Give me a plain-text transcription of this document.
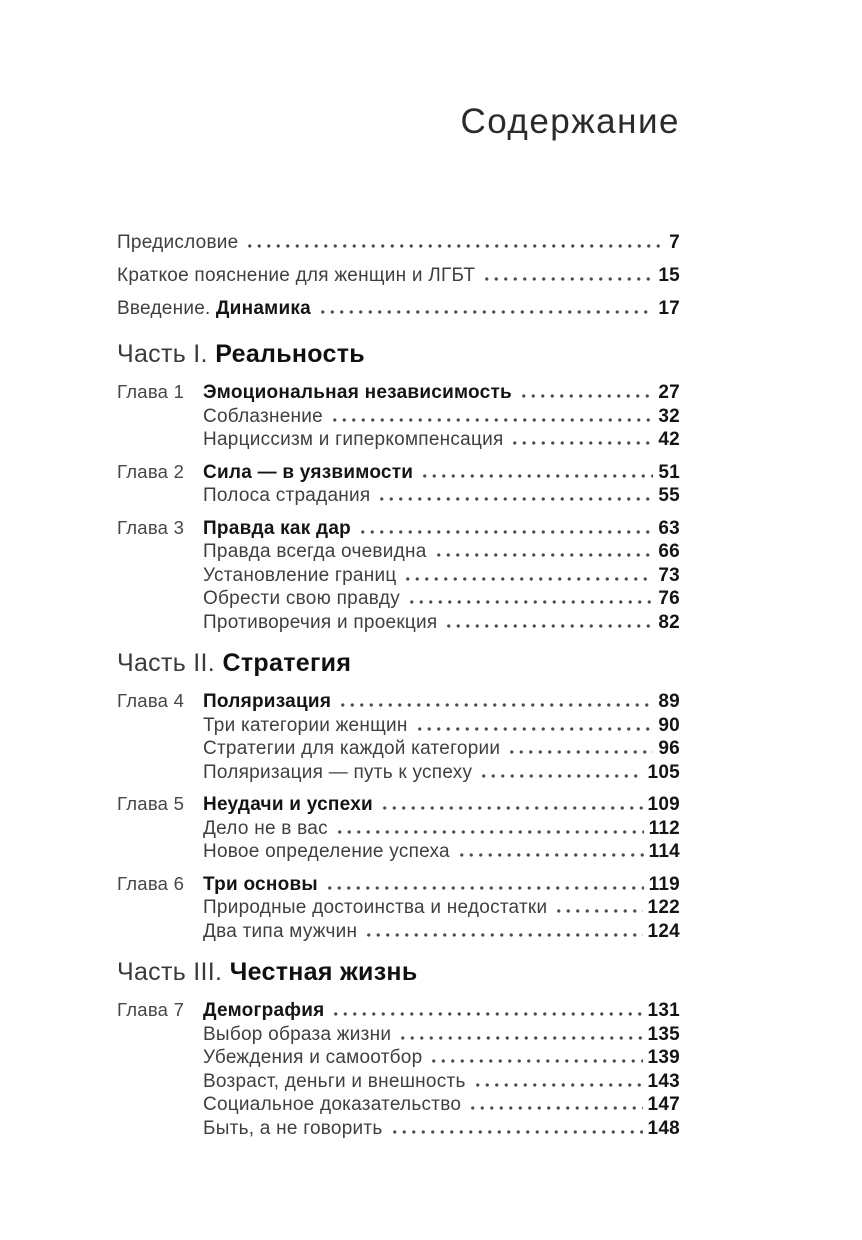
Содержание
Предисловие	7
Краткое пояснение для женщин и ЛГБТ	15
Введение. Динамика	17
Часть I. Реальность
Глава 1 Эмоциональная независимость	27
Соблазнение	32
Нарциссизм и гиперкомпенсация	42
Глава 2 Сила — в уязвимости	51
Полоса страдания	55
Глава 3 Правда как дар	63
Правда всегда очевидна	66
Установление границ	73
Обрести свою правду	76
Противоречия и проекция	82
Часть II. Стратегия
Глава 4 Поляризация	89
Три категории женщин	90
Стратегии для каждой категории	96
Поляризация — путь к успеху	105
Глава 5 Неудачи и успехи	109
Дело не в вас	112
Новое определение успеха	114
Глава 6 Три основы	119
Природные достоинства и недостатки	122
Два типа мужчин	124
Часть III. Честная жизнь
Глава 7 Демография	131
Выбор образа жизни	135
Убеждения и самоотбор	139
Возраст, деньги и внешность	143
Социальное доказательство	147
Быть, а не говорить	148
